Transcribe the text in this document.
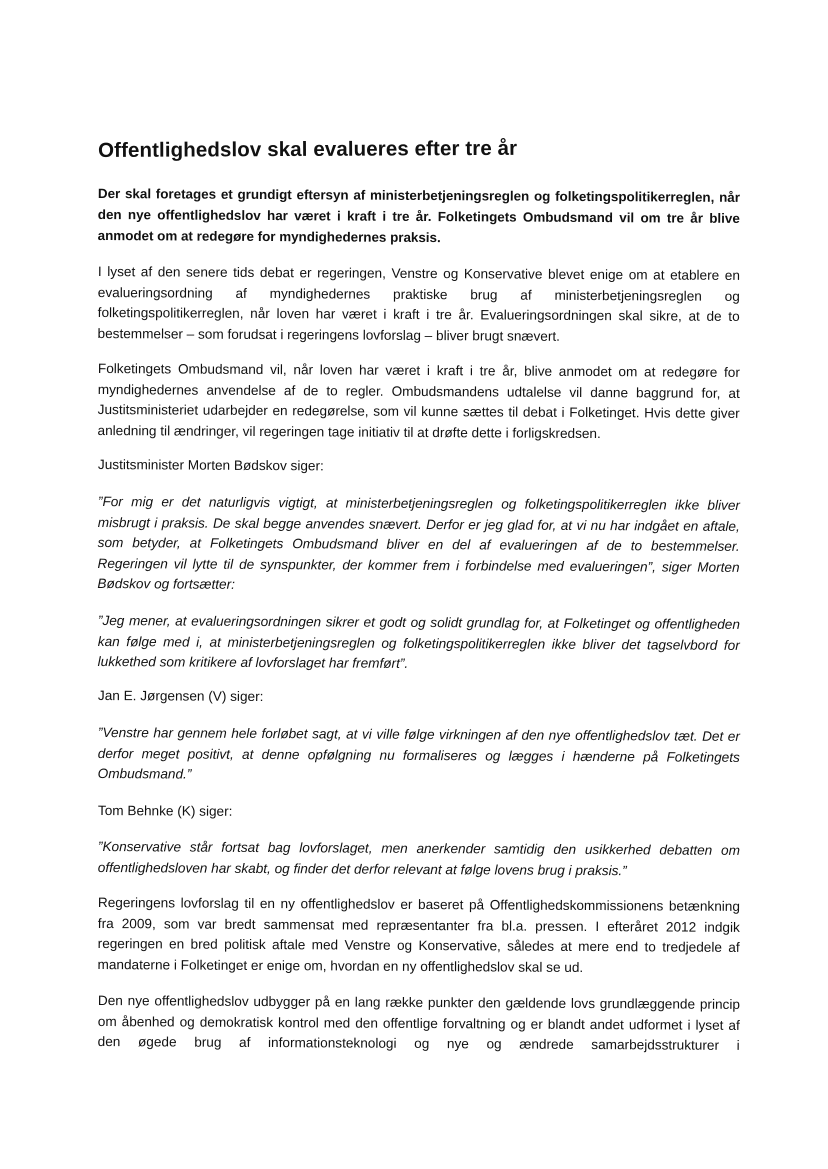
Offentlighedslov skal evalueres efter tre år

Der skal foretages et grundigt eftersyn af ministerbetjeningsreglen og folketingspolitikerreglen, når den nye offentlighedslov har været i kraft i tre år. Folketingets Ombudsmand vil om tre år blive anmodet om at redegøre for myndighedernes praksis.

I lyset af den senere tids debat er regeringen, Venstre og Konservative blevet enige om at etablere en evalueringsordning af myndighedernes praktiske brug af ministerbetjeningsreglen og folketingspolitikerreglen, når loven har været i kraft i tre år. Evalueringsordningen skal sikre, at de to bestemmelser – som forudsat i regeringens lovforslag – bliver brugt snævert.

Folketingets Ombudsmand vil, når loven har været i kraft i tre år, blive anmodet om at redegøre for myndighedernes anvendelse af de to regler. Ombudsmandens udtalelse vil danne baggrund for, at Justitsministeriet udarbejder en redegørelse, som vil kunne sættes til debat i Folketinget. Hvis dette giver anledning til ændringer, vil regeringen tage initiativ til at drøfte dette i forligskredsen.

Justitsminister Morten Bødskov siger:

”For mig er det naturligvis vigtigt, at ministerbetjeningsreglen og folketingspolitikerreglen ikke bliver misbrugt i praksis. De skal begge anvendes snævert. Derfor er jeg glad for, at vi nu har indgået en aftale, som betyder, at Folketingets Ombudsmand bliver en del af evalueringen af de to bestemmelser. Regeringen vil lytte til de synspunkter, der kommer frem i forbindelse med evalueringen”, siger Morten Bødskov og fortsætter:

”Jeg mener, at evalueringsordningen sikrer et godt og solidt grundlag for, at Folketinget og offentligheden kan følge med i, at ministerbetjeningsreglen og folketingspolitikerreglen ikke bliver det tagselvbord for lukkethed som kritikere af lovforslaget har fremført”.

Jan E. Jørgensen (V) siger:

”Venstre har gennem hele forløbet sagt, at vi ville følge virkningen af den nye offentlighedslov tæt. Det er derfor meget positivt, at denne opfølgning nu formaliseres og lægges i hænderne på Folketingets Ombudsmand.”

Tom Behnke (K) siger:

”Konservative står fortsat bag lovforslaget, men anerkender samtidig den usikkerhed debatten om offentlighedsloven har skabt, og finder det derfor relevant at følge lovens brug i praksis.”

Regeringens lovforslag til en ny offentlighedslov er baseret på Offentlighedskommissionens betænkning fra 2009, som var bredt sammensat med repræsentanter fra bl.a. pressen. I efteråret 2012 indgik regeringen en bred politisk aftale med Venstre og Konservative, således at mere end to tredjedele af mandaterne i Folketinget er enige om, hvordan en ny offentlighedslov skal se ud.

Den nye offentlighedslov udbygger på en lang række punkter den gældende lovs grundlæggende princip om åbenhed og demokratisk kontrol med den offentlige forvaltning og er blandt andet udformet i lyset af den øgede brug af informationsteknologi og nye og ændrede samarbejdsstrukturer i
